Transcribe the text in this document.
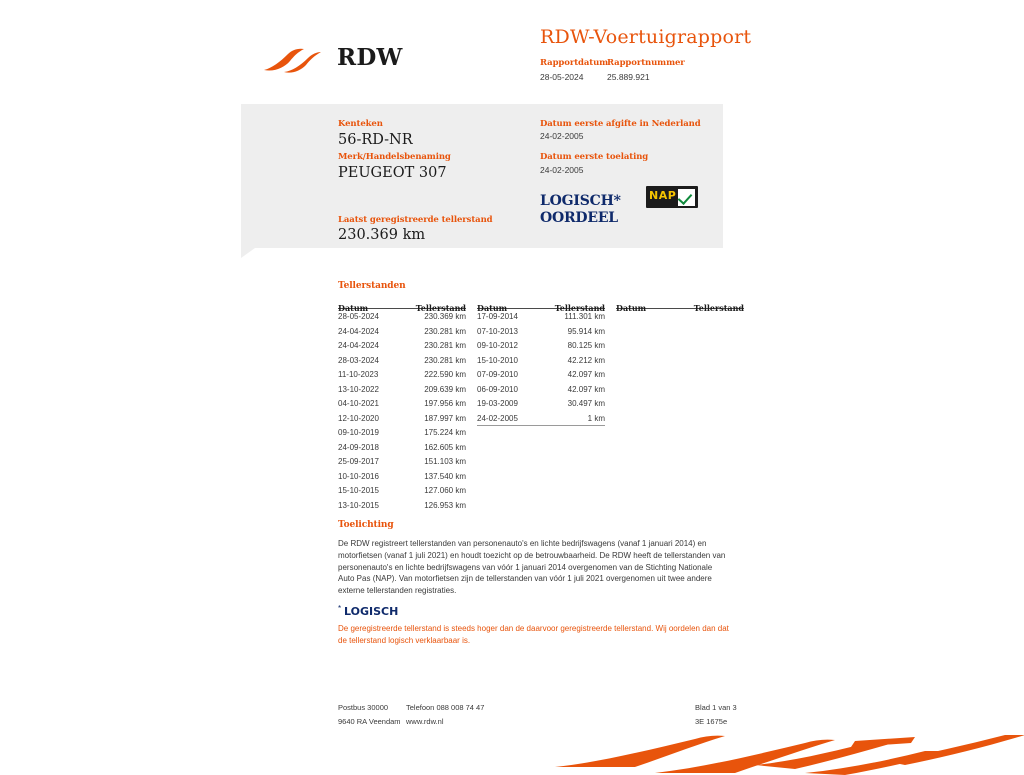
RDW
RDW-Voertuigrapport
Rapportdatum
28-05-2024
Rapportnummer
25.889.921
Kenteken
56-RD-NR
Merk/Handelsbenaming
PEUGEOT 307
Laatst geregistreerde tellerstand
230.369 km
Datum eerste afgifte in Nederland
24-02-2005
Datum eerste toelating
24-02-2005
LOGISCH*
OORDEEL
NAP
Tellerstanden
Datum	Tellerstand
28-05-2024	230.369 km
24-04-2024	230.281 km
24-04-2024	230.281 km
28-03-2024	230.281 km
11-10-2023	222.590 km
13-10-2022	209.639 km
04-10-2021	197.956 km
12-10-2020	187.997 km
09-10-2019	175.224 km
24-09-2018	162.605 km
25-09-2017	151.103 km
10-10-2016	137.540 km
15-10-2015	127.060 km
13-10-2015	126.953 km
Datum	Tellerstand
17-09-2014	111.301 km
07-10-2013	95.914 km
09-10-2012	80.125 km
15-10-2010	42.212 km
07-09-2010	42.097 km
06-09-2010	42.097 km
19-03-2009	30.497 km
24-02-2005	1 km
Datum	Tellerstand
Toelichting
De RDW registreert tellerstanden van personenauto's en lichte bedrijfswagens (vanaf 1 januari 2014) en motorfietsen (vanaf 1 juli 2021) en houdt toezicht op de betrouwbaarheid. De RDW heeft de tellerstanden van personenauto's en lichte bedrijfswagens van vóór 1 januari 2014 overgenomen van de Stichting Nationale Auto Pas (NAP). Van motorfietsen zijn de tellerstanden van vóór 1 juli 2021 overgenomen uit twee andere externe tellerstanden registraties.
* LOGISCH
De geregistreerde tellerstand is steeds hoger dan de daarvoor geregistreerde tellerstand. Wij oordelen dan dat de tellerstand logisch verklaarbaar is.
Postbus 30000
9640 RA Veendam
Telefoon 088 008 74 47
www.rdw.nl
Blad 1 van 3
3E 1675e
